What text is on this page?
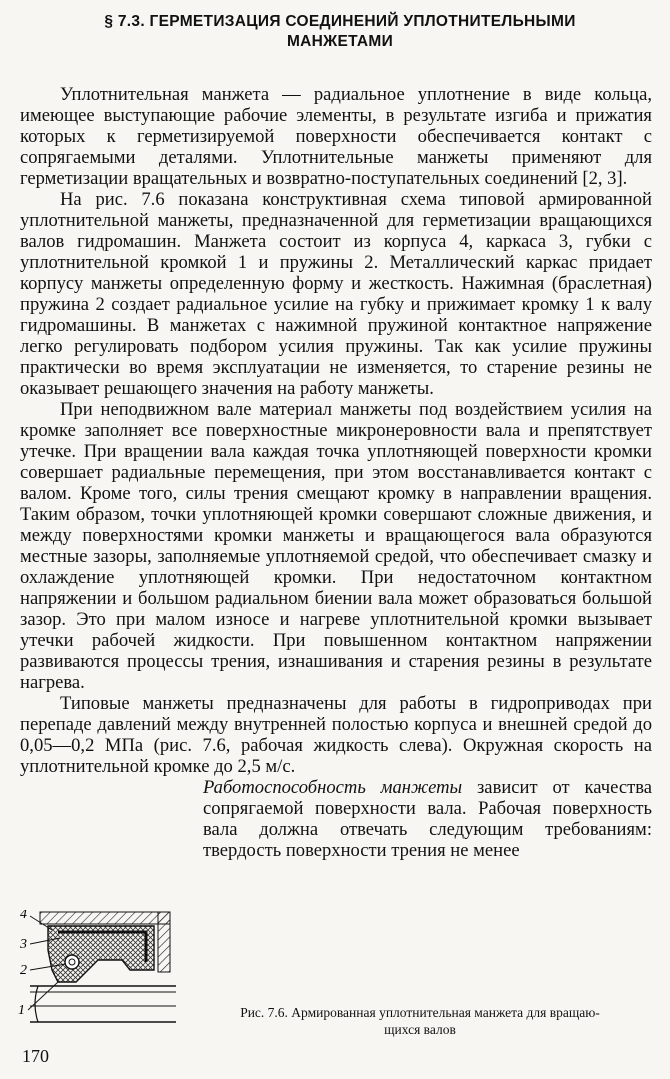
§ 7.3. ГЕРМЕТИЗАЦИЯ СОЕДИНЕНИЙ УПЛОТНИТЕЛЬНЫМИ
МАНЖЕТАМИ

Уплотнительная манжета — радиальное уплотнение в виде кольца, имеющее выступающие рабочие элементы, в результате изгиба и прижатия которых к герметизируемой поверхности обеспечивается контакт с сопрягаемыми деталями. Уплотнительные манжеты применяют для герметизации вращательных и возвратно-поступательных соединений [2, 3].

На рис. 7.6 показана конструктивная схема типовой армированной уплотнительной манжеты, предназначенной для герметизации вращающихся валов гидромашин. Манжета состоит из корпуса 4, каркаса 3, губки с уплотнительной кромкой 1 и пружины 2. Металлический каркас придает корпусу манжеты определенную форму и жесткость. Нажимная (браслетная) пружина 2 создает радиальное усилие на губку и прижимает кромку 1 к валу гидромашины. В манжетах с нажимной пружиной контактное напряжение легко регулировать подбором усилия пружины. Так как усилие пружины практически во время эксплуатации не изменяется, то старение резины не оказывает решающего значения на работу манжеты.

При неподвижном вале материал манжеты под воздействием усилия на кромке заполняет все поверхностные микронеровности вала и препятствует утечке. При вращении вала каждая точка уплотняющей поверхности кромки совершает радиальные перемещения, при этом восстанавливается контакт с валом. Кроме того, силы трения смещают кромку в направлении вращения. Таким образом, точки уплотняющей кромки совершают сложные движения, и между поверхностями кромки манжеты и вращающегося вала образуются местные зазоры, заполняемые уплотняемой средой, что обеспечивает смазку и охлаждение уплотняющей кромки. При недостаточном контактном напряжении и большом радиальном биении вала может образоваться большой зазор. Это при малом износе и нагреве уплотнительной кромки вызывает утечки рабочей жидкости. При повышенном контактном напряжении развиваются процессы трения, изнашивания и старения резины в результате нагрева.

Типовые манжеты предназначены для работы в гидроприводах при перепаде давлений между внутренней полостью корпуса и внешней средой до 0,05—0,2 МПа (рис. 7.6, рабочая жидкость слева). Окружная скорость на уплотнительной кромке до 2,5 м/с.

Работоспособность манжеты зависит от качества сопрягаемой поверхности вала. Рабочая поверхность вала должна отвечать следующим требованиям: твердость поверхности трения не менее

4
3
2
1	Рис. 7.6. Армированная уплотнительная манжета для вращаю-
щихся валов
170
